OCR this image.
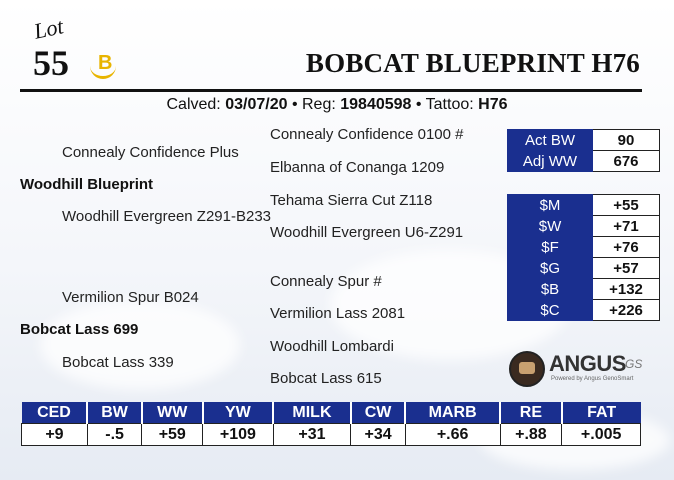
Lot
55 B	BOBCAT BLUEPRINT H76
Calved: 03/07/20 • Reg: 19840598 • Tattoo: H76
Connealy Confidence 0100 #
Connealy Confidence Plus
Elbanna of Conanga 1209
Woodhill Blueprint
Tehama Sierra Cut Z118
Woodhill Evergreen Z291-B233
Woodhill Evergreen U6-Z291
Connealy Spur #
Vermilion Spur B024
Vermilion Lass 2081
Bobcat Lass 699
Woodhill Lombardi
Bobcat Lass 339
Bobcat Lass 615
Act BW	90
Adj WW	676
$M	+55
$W	+71
$F	+76
$G	+57
$B	+132
$C	+226
ANGUS GS
Powered by Angus GenoSmart
CED	BW	WW	YW	MILK	CW	MARB	RE	FAT
+9	-.5	+59	+109	+31	+34	+.66	+.88	+.005
